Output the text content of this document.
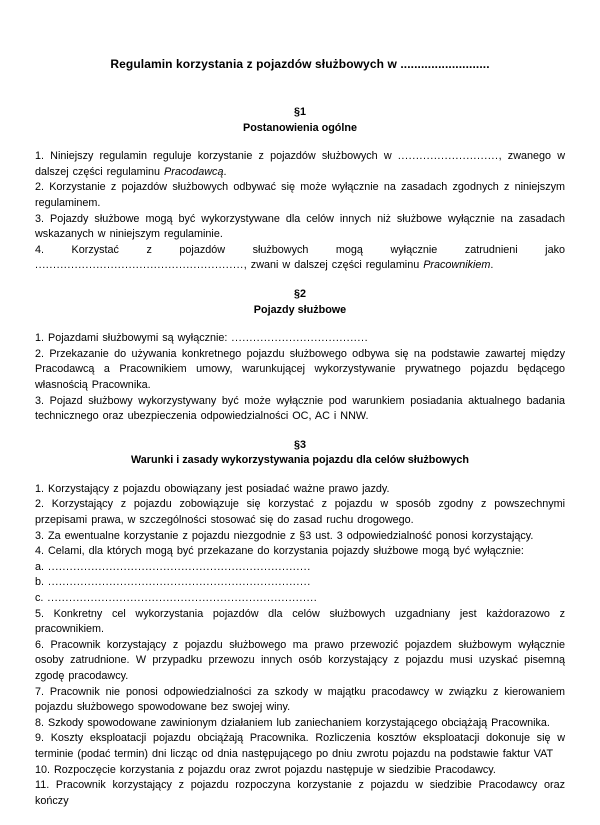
Regulamin korzystania z pojazdów służbowych w ..........................

§1

Postanowienia ogólne

1. Niniejszy regulamin reguluje korzystanie z pojazdów służbowych w ............................, zwanego w dalszej części regulaminu Pracodawcą.

2. Korzystanie z pojazdów służbowych odbywać się może wyłącznie na zasadach zgodnych z niniejszym regulaminem.

3. Pojazdy służbowe mogą być wykorzystywane dla celów innych niż służbowe wyłącznie na zasadach wskazanych w niniejszym regulaminie.

4. Korzystać z pojazdów służbowych mogą wyłącznie zatrudnieni jako .........................................................., zwani w dalszej części regulaminu Pracownikiem.

§2

Pojazdy służbowe

1. Pojazdami służbowymi są wyłącznie: ......................................

2. Przekazanie do używania konkretnego pojazdu służbowego odbywa się na podstawie zawartej między Pracodawcą a Pracownikiem umowy, warunkującej wykorzystywanie prywatnego pojazdu będącego własnością Pracownika.

3. Pojazd służbowy wykorzystywany być może wyłącznie pod warunkiem posiadania aktualnego badania technicznego oraz ubezpieczenia odpowiedzialności OC, AC i NNW.

§3

Warunki i zasady wykorzystywania pojazdu dla celów służbowych

1. Korzystający z pojazdu obowiązany jest posiadać ważne prawo jazdy.

2. Korzystający z pojazdu zobowiązuje się korzystać z pojazdu w sposób zgodny z powszechnymi przepisami prawa, w szczególności stosować się do zasad ruchu drogowego.

3. Za ewentualne korzystanie z pojazdu niezgodnie z §3 ust. 3 odpowiedzialność ponosi korzystający.

4. Celami, dla których mogą być przekazane do korzystania pojazdy służbowe mogą być wyłącznie:

a. .........................................................................

b. .........................................................................

c. ...........................................................................

5. Konkretny cel wykorzystania pojazdów dla celów służbowych uzgadniany jest każdorazowo z pracownikiem.

6. Pracownik korzystający z pojazdu służbowego ma prawo przewozić pojazdem służbowym wyłącznie osoby zatrudnione. W przypadku przewozu innych osób korzystający z pojazdu musi uzyskać pisemną zgodę pracodawcy.

7. Pracownik nie ponosi odpowiedzialności za szkody w majątku pracodawcy w związku z kierowaniem pojazdu służbowego spowodowane bez swojej winy.

8. Szkody spowodowane zawinionym działaniem lub zaniechaniem korzystającego obciążają Pracownika.

9. Koszty eksploatacji pojazdu obciążają Pracownika. Rozliczenia kosztów eksploatacji dokonuje się w terminie (podać termin) dni licząc od dnia następującego po dniu zwrotu pojazdu na podstawie faktur VAT

10. Rozpoczęcie korzystania z pojazdu oraz zwrot pojazdu następuje w siedzibie Pracodawcy.

11. Pracownik korzystający z pojazdu rozpoczyna korzystanie z pojazdu w siedzibie Pracodawcy oraz kończy
